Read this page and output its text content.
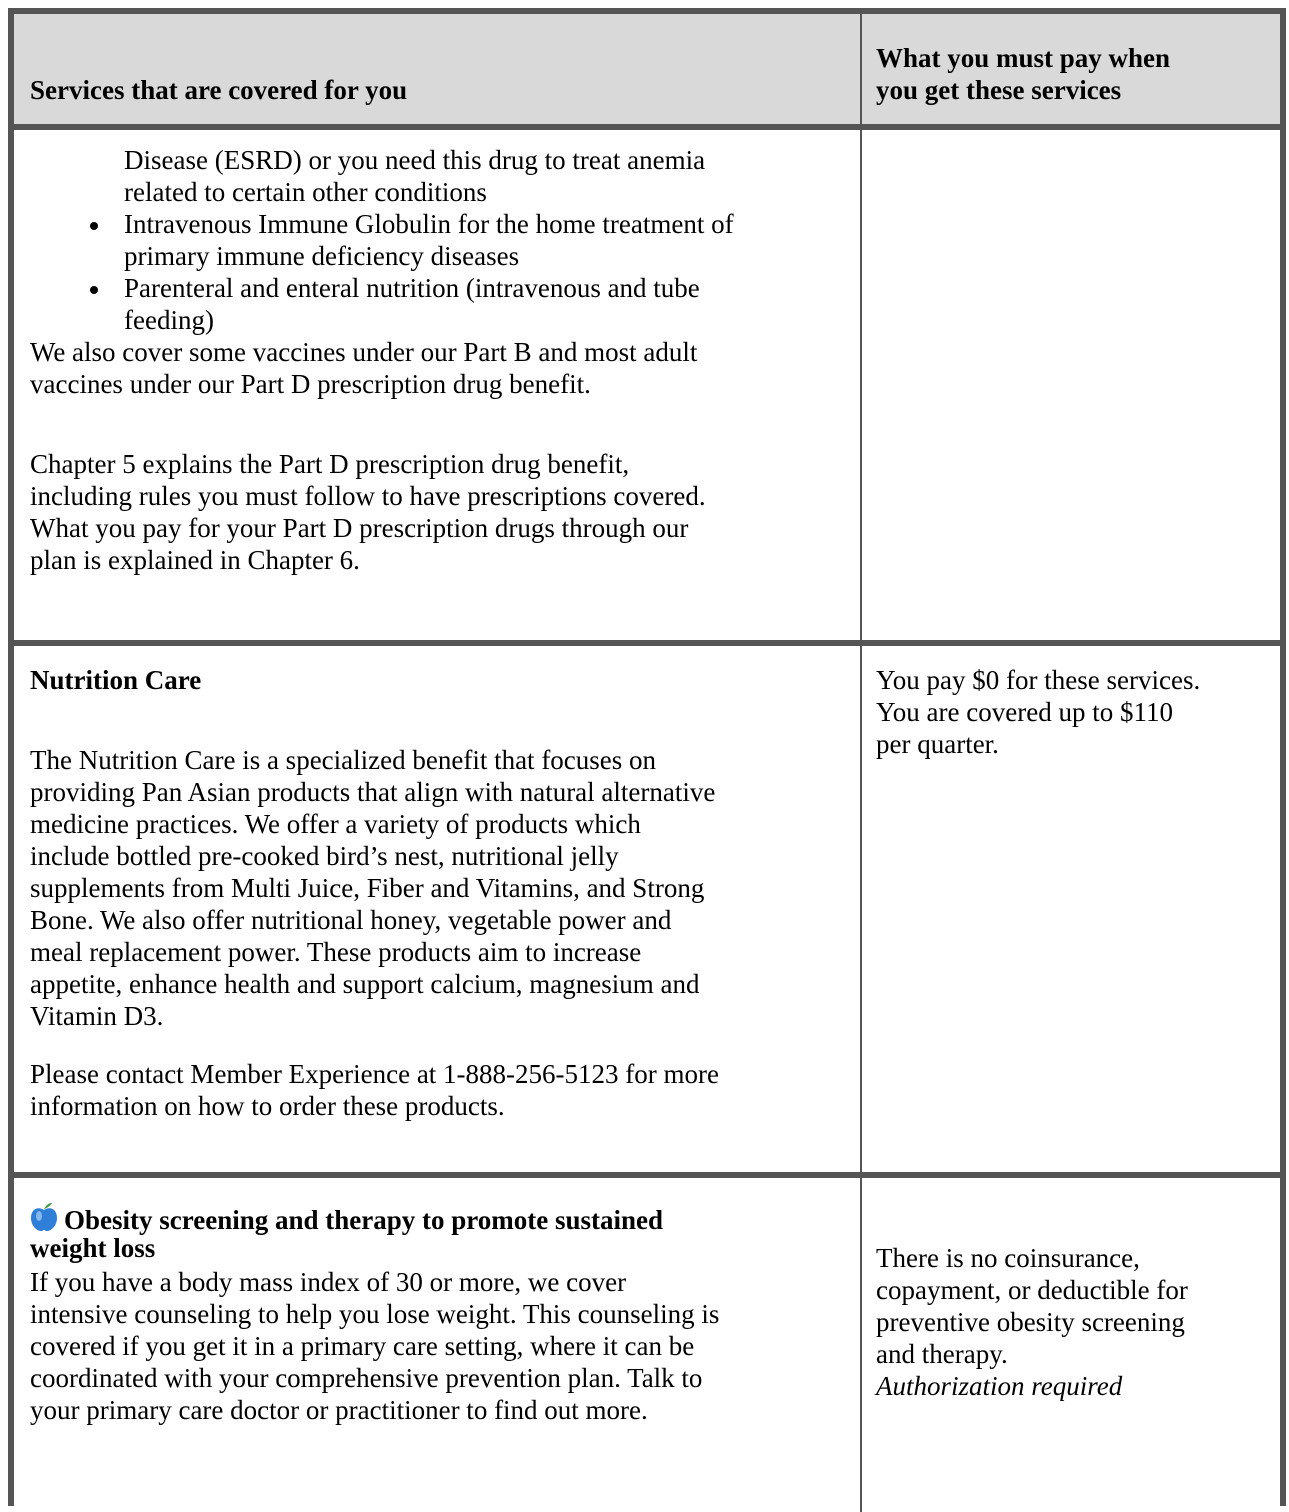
Services that are covered for you
What you must pay when
you get these services
Disease (ESRD) or you need this drug to treat anemia
related to certain other conditions
Intravenous Immune Globulin for the home treatment of
primary immune deficiency diseases
Parenteral and enteral nutrition (intravenous and tube
feeding)
We also cover some vaccines under our Part B and most adult
vaccines under our Part D prescription drug benefit.
Chapter 5 explains the Part D prescription drug benefit,
including rules you must follow to have prescriptions covered.
What you pay for your Part D prescription drugs through our
plan is explained in Chapter 6.
Nutrition Care
The Nutrition Care is a specialized benefit that focuses on
providing Pan Asian products that align with natural alternative
medicine practices. We offer a variety of products which
include bottled pre-cooked bird’s nest, nutritional jelly
supplements from Multi Juice, Fiber and Vitamins, and Strong
Bone. We also offer nutritional honey, vegetable power and
meal replacement power. These products aim to increase
appetite, enhance health and support calcium, magnesium and
Vitamin D3.
Please contact Member Experience at 1-888-256-5123 for more
information on how to order these products.
You pay $0 for these services.
You are covered up to $110
per quarter.
Obesity screening and therapy to promote sustained
weight loss
If you have a body mass index of 30 or more, we cover
intensive counseling to help you lose weight. This counseling is
covered if you get it in a primary care setting, where it can be
coordinated with your comprehensive prevention plan. Talk to
your primary care doctor or practitioner to find out more.
There is no coinsurance,
copayment, or deductible for
preventive obesity screening
and therapy.
Authorization required
